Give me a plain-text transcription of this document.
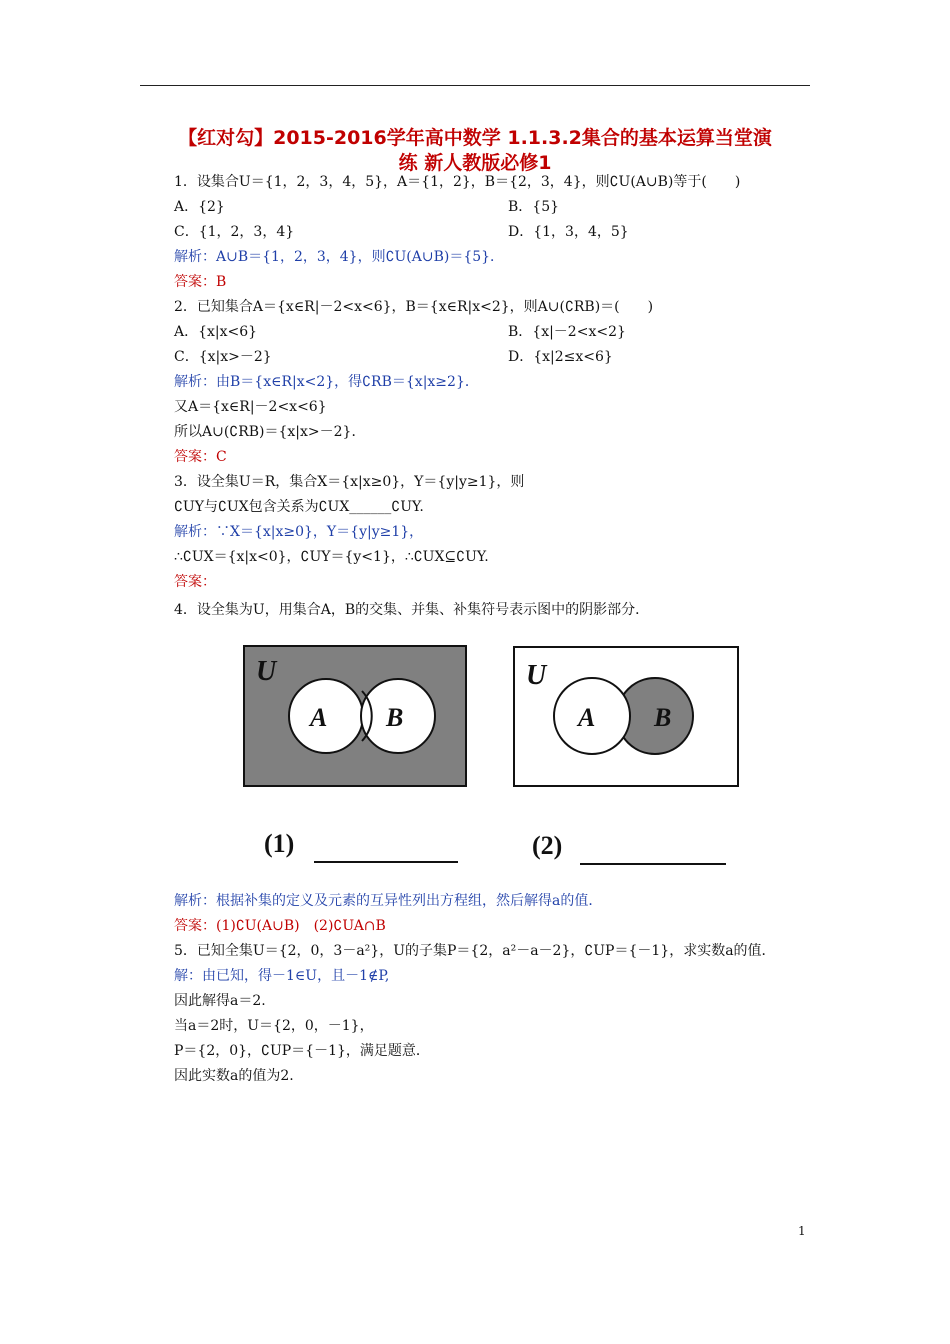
【红对勾】2015-2016学年高中数学 1.1.3.2集合的基本运算当堂演
练 新人教版必修1
1．设集合U＝{1，2，3，4，5}，A＝{1，2}，B＝{2，3，4}，则∁U(A∪B)等于(　　)
A．{2}	B．{5}
C．{1，2，3，4}	D．{1，3，4，5}
解析：A∪B＝{1，2，3，4}，则∁U(A∪B)＝{5}．
答案：B
2．已知集合A＝{x∈R|－2<x<6}，B＝{x∈R|x<2}，则A∪(∁RB)＝(　　)
A．{x|x<6}	B．{x|－2<x<2}
C．{x|x>－2}	D．{x|2≤x<6}
解析：由B＝{x∈R|x<2}，得∁RB＝{x|x≥2}．
又A＝{x∈R|－2<x<6}
所以A∪(∁RB)＝{x|x>－2}．
答案：C
3．设全集U＝R，集合X＝{x|x≥0}，Y＝{y|y≥1}，则
∁UY与∁UX包含关系为∁UX______∁UY.
解析：∵X＝{x|x≥0}，Y＝{y|y≥1}，
∴∁UX＝{x|x<0}，∁UY＝{y<1}，∴∁UX⊆∁UY.
答案：
4．设全集为U，用集合A，B的交集、并集、补集符号表示图中的阴影部分．
U
A B
U
A B
(1)	(2)
解析：根据补集的定义及元素的互异性列出方程组，然后解得a的值．
答案：(1)∁U(A∪B)　(2)∁UA∩B
5．已知全集U＝{2，0，3－a²}，U的子集P＝{2，a²－a－2}，∁UP＝{－1}，求实数a的值．
解：由已知，得－1∈U，且－1∉P,
因此解得a＝2.
当a＝2时，U＝{2，0，－1}，
P＝{2，0}，∁UP＝{－1}，满足题意．
因此实数a的值为2.
1
